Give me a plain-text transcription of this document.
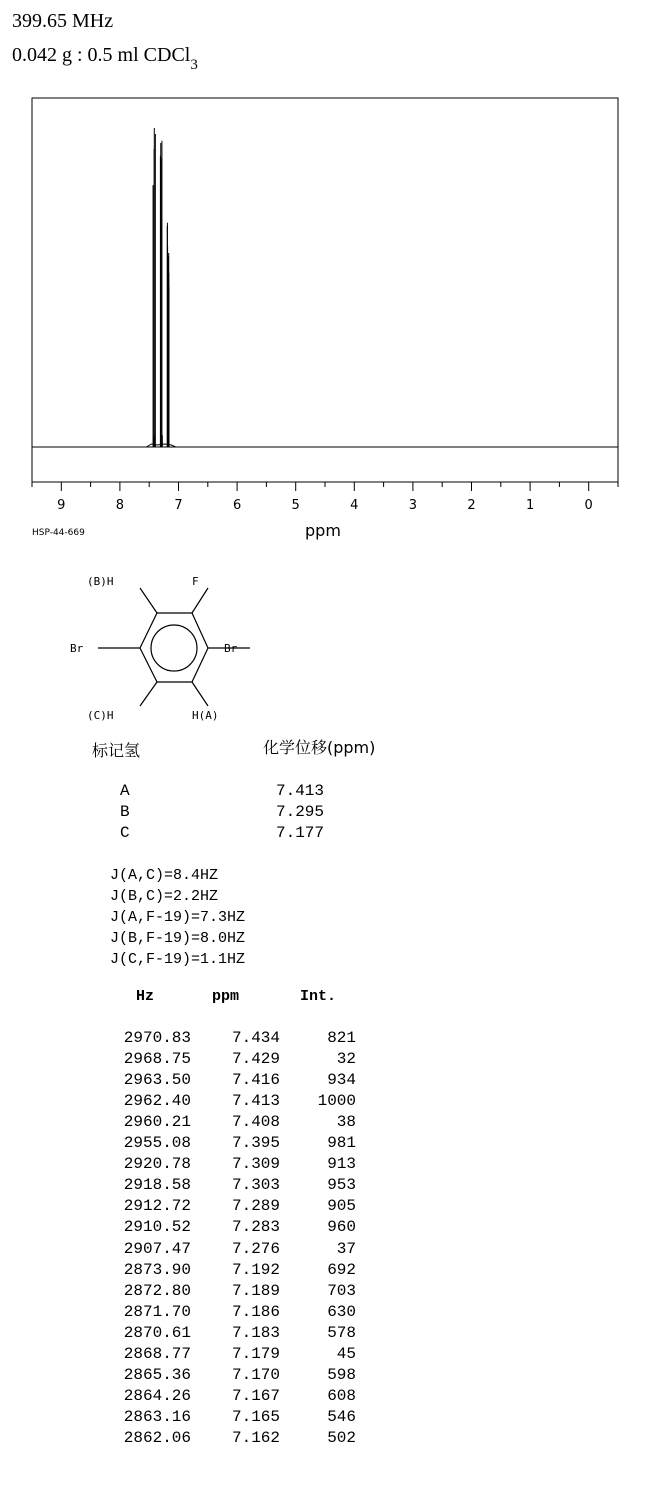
399.65 MHz
0.042 g : 0.5 ml CDCl$_3$
9	8	7	6	5	4	3	2	1	0
HSP-44-669	ppm
(B)H	F
Br	Br
(C)H	H(A)
标记氢	化学位移(ppm)
A	7.413
B	7.295
C	7.177
J(A,C)=8.4HZ
J(B,C)=2.2HZ
J(A,F-19)=7.3HZ
J(B,F-19)=8.0HZ
J(C,F-19)=1.1HZ
Hz	ppm	Int.
2970.83	7.434	821
2968.75	7.429	32
2963.50	7.416	934
2962.40	7.413 1000
2960.21	7.408	38
2955.08	7.395	981
2920.78	7.309	913
2918.58	7.303	953
2912.72	7.289	905
2910.52	7.283	960
2907.47	7.276	37
2873.90	7.192	692
2872.80	7.189	703
2871.70	7.186	630
2870.61	7.183	578
2868.77	7.179	45
2865.36	7.170	598
2864.26	7.167	608
2863.16	7.165	546
2862.06	7.162	502
